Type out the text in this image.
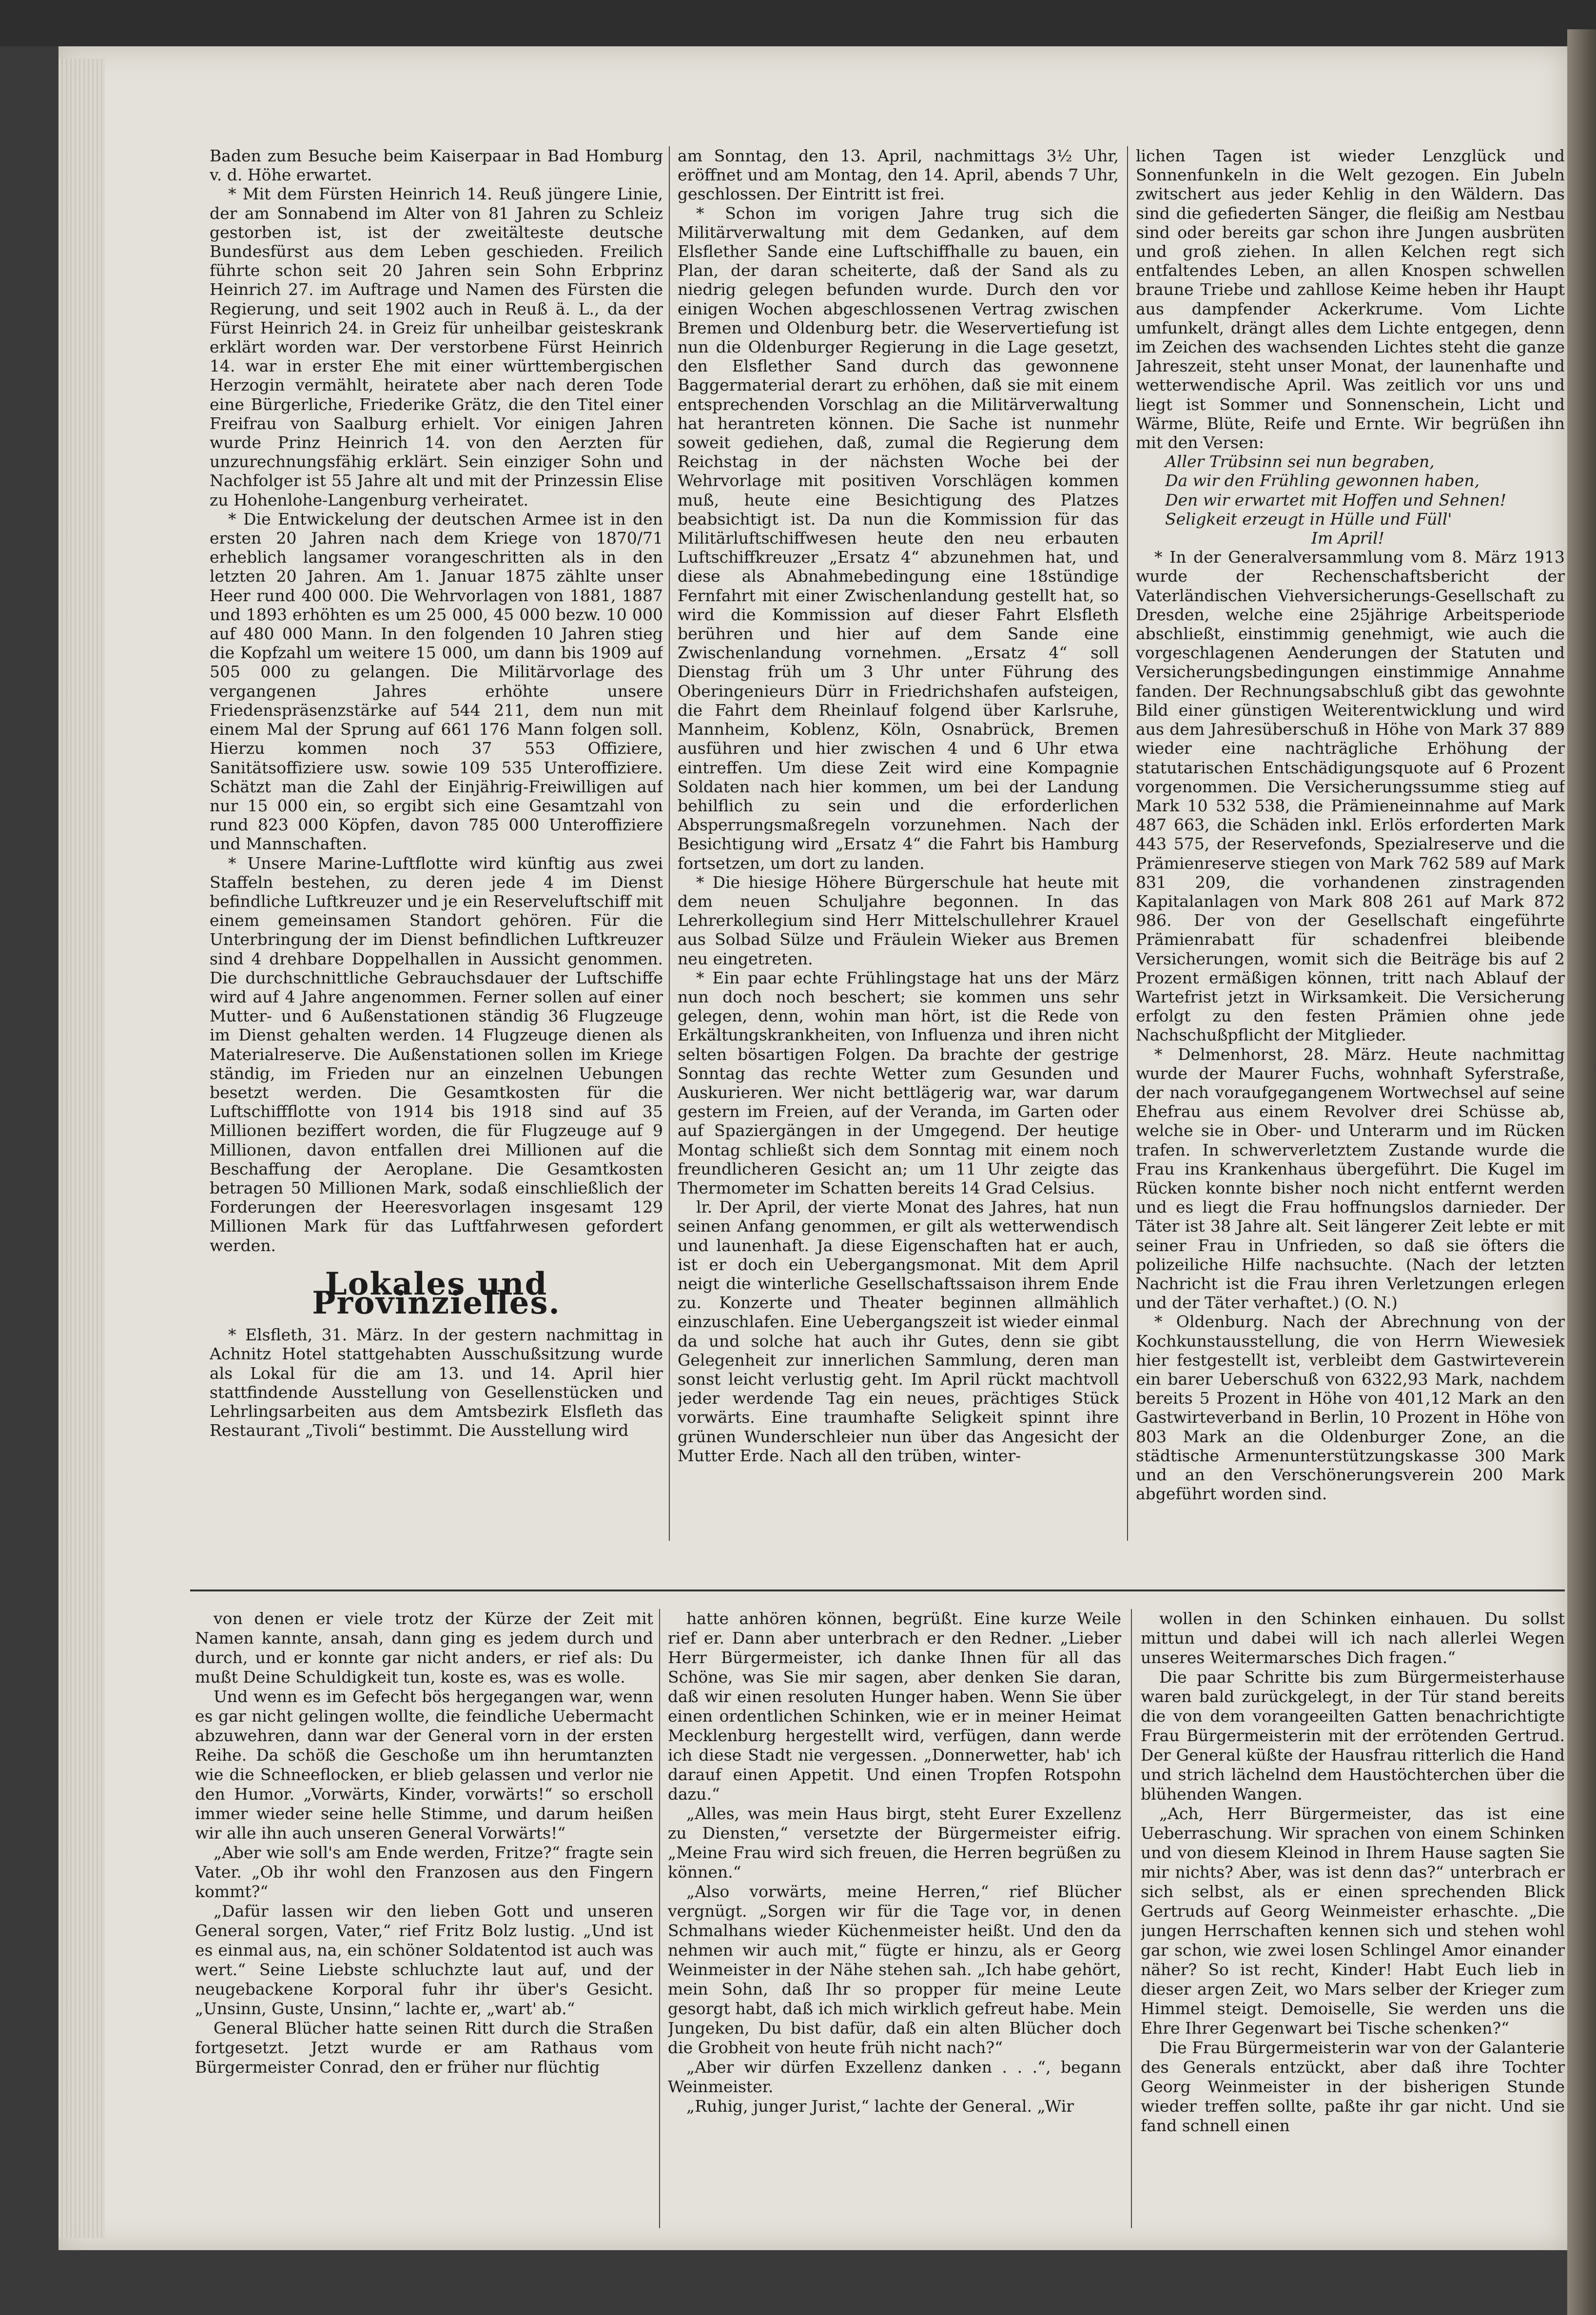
Baden zum Besuche beim Kaiserpaar in Bad Homburg v. d. Höhe erwartet.

* Mit dem Fürsten Heinrich 14. Reuß jüngere Linie, der am Sonnabend im Alter von 81 Jahren zu Schleiz gestorben ist, ist der zweitälteste deutsche Bundesfürst aus dem Leben geschieden. Freilich führte schon seit 20 Jahren sein Sohn Erbprinz Heinrich 27. im Auftrage und Namen des Fürsten die Regierung, und seit 1902 auch in Reuß ä. L., da der Fürst Heinrich 24. in Greiz für unheilbar geisteskrank erklärt worden war. Der verstorbene Fürst Heinrich 14. war in erster Ehe mit einer württembergischen Herzogin vermählt, heiratete aber nach deren Tode eine Bürgerliche, Friederike Grätz, die den Titel einer Freifrau von Saalburg erhielt. Vor einigen Jahren wurde Prinz Heinrich 14. von den Aerzten für unzurechnungsfähig erklärt. Sein einziger Sohn und Nachfolger ist 55 Jahre alt und mit der Prinzessin Elise zu Hohenlohe-Langenburg verheiratet.

* Die Entwickelung der deutschen Armee ist in den ersten 20 Jahren nach dem Kriege von 1870/71 erheblich langsamer vorangeschritten als in den letzten 20 Jahren. Am 1. Januar 1875 zählte unser Heer rund 400 000. Die Wehrvorlagen von 1881, 1887 und 1893 erhöhten es um 25 000, 45 000 bezw. 10 000 auf 480 000 Mann. In den folgenden 10 Jahren stieg die Kopfzahl um weitere 15 000, um dann bis 1909 auf 505 000 zu gelangen. Die Militärvorlage des vergangenen Jahres erhöhte unsere Friedenspräsenzstärke auf 544 211, dem nun mit einem Mal der Sprung auf 661 176 Mann folgen soll. Hierzu kommen noch 37 553 Offiziere, Sanitätsoffiziere usw. sowie 109 535 Unteroffiziere. Schätzt man die Zahl der Einjährig-Freiwilligen auf nur 15 000 ein, so ergibt sich eine Gesamtzahl von rund 823 000 Köpfen, davon 785 000 Unteroffiziere und Mannschaften.

* Unsere Marine-Luftflotte wird künftig aus zwei Staffeln bestehen, zu deren jede 4 im Dienst befindliche Luftkreuzer und je ein Reserveluftschiff mit einem gemeinsamen Standort gehören. Für die Unterbringung der im Dienst befindlichen Luftkreuzer sind 4 drehbare Doppelhallen in Aussicht genommen. Die durchschnittliche Gebrauchsdauer der Luftschiffe wird auf 4 Jahre angenommen. Ferner sollen auf einer Mutter- und 6 Außenstationen ständig 36 Flugzeuge im Dienst gehalten werden. 14 Flugzeuge dienen als Materialreserve. Die Außenstationen sollen im Kriege ständig, im Frieden nur an einzelnen Uebungen besetzt werden. Die Gesamtkosten für die Luftschiffflotte von 1914 bis 1918 sind auf 35 Millionen beziffert worden, die für Flugzeuge auf 9 Millionen, davon entfallen drei Millionen auf die Beschaffung der Aeroplane. Die Gesamtkosten betragen 50 Millionen Mark, sodaß einschließlich der Forderungen der Heeresvorlagen insgesamt 129 Millionen Mark für das Luftfahrwesen gefordert werden.

Lokales und Provinzielles.

* Elsfleth, 31. März. In der gestern nachmittag in Achnitz Hotel stattgehabten Ausschußsitzung wurde als Lokal für die am 13. und 14. April hier stattfindende Ausstellung von Gesellenstücken und Lehrlingsarbeiten aus dem Amtsbezirk Elsfleth das Restaurant „Tivoli“ bestimmt. Die Ausstellung wird

am Sonntag, den 13. April, nachmittags 3½ Uhr, eröffnet und am Montag, den 14. April, abends 7 Uhr, geschlossen. Der Eintritt ist frei.

* Schon im vorigen Jahre trug sich die Militärverwaltung mit dem Gedanken, auf dem Elsflether Sande eine Luftschiffhalle zu bauen, ein Plan, der daran scheiterte, daß der Sand als zu niedrig gelegen befunden wurde. Durch den vor einigen Wochen abgeschlossenen Vertrag zwischen Bremen und Oldenburg betr. die Weservertiefung ist nun die Oldenburger Regierung in die Lage gesetzt, den Elsflether Sand durch das gewonnene Baggermaterial derart zu erhöhen, daß sie mit einem entsprechenden Vorschlag an die Militärverwaltung hat herantreten können. Die Sache ist nunmehr soweit gediehen, daß, zumal die Regierung dem Reichstag in der nächsten Woche bei der Wehrvorlage mit positiven Vorschlägen kommen muß, heute eine Besichtigung des Platzes beabsichtigt ist. Da nun die Kommission für das Militärluftschiffwesen heute den neu erbauten Luftschiffkreuzer „Ersatz 4“ abzunehmen hat, und diese als Abnahmebedingung eine 18stündige Fernfahrt mit einer Zwischenlandung gestellt hat, so wird die Kommission auf dieser Fahrt Elsfleth berühren und hier auf dem Sande eine Zwischenlandung vornehmen. „Ersatz 4“ soll Dienstag früh um 3 Uhr unter Führung des Oberingenieurs Dürr in Friedrichshafen aufsteigen, die Fahrt dem Rheinlauf folgend über Karlsruhe, Mannheim, Koblenz, Köln, Osnabrück, Bremen ausführen und hier zwischen 4 und 6 Uhr etwa eintreffen. Um diese Zeit wird eine Kompagnie Soldaten nach hier kommen, um bei der Landung behilflich zu sein und die erforderlichen Absperrungsmaßregeln vorzunehmen. Nach der Besichtigung wird „Ersatz 4“ die Fahrt bis Hamburg fortsetzen, um dort zu landen.

* Die hiesige Höhere Bürgerschule hat heute mit dem neuen Schuljahre begonnen. In das Lehrerkollegium sind Herr Mittelschullehrer Krauel aus Solbad Sülze und Fräulein Wieker aus Bremen neu eingetreten.

* Ein paar echte Frühlingstage hat uns der März nun doch noch beschert; sie kommen uns sehr gelegen, denn, wohin man hört, ist die Rede von Erkältungskrankheiten, von Influenza und ihren nicht selten bösartigen Folgen. Da brachte der gestrige Sonntag das rechte Wetter zum Gesunden und Auskurieren. Wer nicht bettlägerig war, war darum gestern im Freien, auf der Veranda, im Garten oder auf Spaziergängen in der Umgegend. Der heutige Montag schließt sich dem Sonntag mit einem noch freundlicheren Gesicht an; um 11 Uhr zeigte das Thermometer im Schatten bereits 14 Grad Celsius.

lr. Der April, der vierte Monat des Jahres, hat nun seinen Anfang genommen, er gilt als wetterwendisch und launenhaft. Ja diese Eigenschaften hat er auch, ist er doch ein Uebergangsmonat. Mit dem April neigt die winterliche Gesellschaftssaison ihrem Ende zu. Konzerte und Theater beginnen allmählich einzuschlafen. Eine Uebergangszeit ist wieder einmal da und solche hat auch ihr Gutes, denn sie gibt Gelegenheit zur innerlichen Sammlung, deren man sonst leicht verlustig geht. Im April rückt machtvoll jeder werdende Tag ein neues, prächtiges Stück vorwärts. Eine traumhafte Seligkeit spinnt ihre grünen Wunderschleier nun über das Angesicht der Mutter Erde. Nach all den trüben, winter-

lichen Tagen ist wieder Lenzglück und Sonnenfunkeln in die Welt gezogen. Ein Jubeln zwitschert aus jeder Kehlig in den Wäldern. Das sind die gefiederten Sänger, die fleißig am Nestbau sind oder bereits gar schon ihre Jungen ausbrüten und groß ziehen. In allen Kelchen regt sich entfaltendes Leben, an allen Knospen schwellen braune Triebe und zahllose Keime heben ihr Haupt aus dampfender Ackerkrume. Vom Lichte umfunkelt, drängt alles dem Lichte entgegen, denn im Zeichen des wachsenden Lichtes steht die ganze Jahreszeit, steht unser Monat, der launenhafte und wetterwendische April. Was zeitlich vor uns und liegt ist Sommer und Sonnenschein, Licht und Wärme, Blüte, Reife und Ernte. Wir begrüßen ihn mit den Versen:

Aller Trübsinn sei nun begraben,

Da wir den Frühling gewonnen haben,

Den wir erwartet mit Hoffen und Sehnen!

Seligkeit erzeugt in Hülle und Füll'

Im April!

* In der Generalversammlung vom 8. März 1913 wurde der Rechenschaftsbericht der Vaterländischen Viehversicherungs-Gesellschaft zu Dresden, welche eine 25jährige Arbeitsperiode abschließt, einstimmig genehmigt, wie auch die vorgeschlagenen Aenderungen der Statuten und Versicherungsbedingungen einstimmige Annahme fanden. Der Rechnungsabschluß gibt das gewohnte Bild einer günstigen Weiterentwicklung und wird aus dem Jahresüberschuß in Höhe von Mark 37 889 wieder eine nachträgliche Erhöhung der statutarischen Entschädigungsquote auf 6 Prozent vorgenommen. Die Versicherungssumme stieg auf Mark 10 532 538, die Prämieneinnahme auf Mark 487 663, die Schäden inkl. Erlös erforderten Mark 443 575, der Reservefonds, Spezialreserve und die Prämienreserve stiegen von Mark 762 589 auf Mark 831 209, die vorhandenen zinstragenden Kapitalanlagen von Mark 808 261 auf Mark 872 986. Der von der Gesellschaft eingeführte Prämienrabatt für schadenfrei bleibende Versicherungen, womit sich die Beiträge bis auf 2 Prozent ermäßigen können, tritt nach Ablauf der Wartefrist jetzt in Wirksamkeit. Die Versicherung erfolgt zu den festen Prämien ohne jede Nachschußpflicht der Mitglieder.

* Delmenhorst, 28. März. Heute nachmittag wurde der Maurer Fuchs, wohnhaft Syferstraße, der nach voraufgegangenem Wortwechsel auf seine Ehefrau aus einem Revolver drei Schüsse ab, welche sie in Ober- und Unterarm und im Rücken trafen. In schwerverletztem Zustande wurde die Frau ins Krankenhaus übergeführt. Die Kugel im Rücken konnte bisher noch nicht entfernt werden und es liegt die Frau hoffnungslos darnieder. Der Täter ist 38 Jahre alt. Seit längerer Zeit lebte er mit seiner Frau in Unfrieden, so daß sie öfters die polizeiliche Hilfe nachsuchte. (Nach der letzten Nachricht ist die Frau ihren Verletzungen erlegen und der Täter verhaftet.) (O. N.)

* Oldenburg. Nach der Abrechnung von der Kochkunstausstellung, die von Herrn Wiewesiek hier festgestellt ist, verbleibt dem Gastwirteverein ein barer Ueberschuß von 6322,93 Mark, nachdem bereits 5 Prozent in Höhe von 401,12 Mark an den Gastwirteverband in Berlin, 10 Prozent in Höhe von 803 Mark an die Oldenburger Zone, an die städtische Armenunterstützungskasse 300 Mark und an den Verschönerungsverein 200 Mark abgeführt worden sind.

von denen er viele trotz der Kürze der Zeit mit Namen kannte, ansah, dann ging es jedem durch und durch, und er konnte gar nicht anders, er rief als: Du mußt Deine Schuldigkeit tun, koste es, was es wolle.

Und wenn es im Gefecht bös hergegangen war, wenn es gar nicht gelingen wollte, die feindliche Uebermacht abzuwehren, dann war der General vorn in der ersten Reihe. Da schöß die Geschoße um ihn herumtanzten wie die Schneeflocken, er blieb gelassen und verlor nie den Humor. „Vorwärts, Kinder, vorwärts!“ so erscholl immer wieder seine helle Stimme, und darum heißen wir alle ihn auch unseren General Vorwärts!“

„Aber wie soll's am Ende werden, Fritze?“ fragte sein Vater. „Ob ihr wohl den Franzosen aus den Fingern kommt?“

„Dafür lassen wir den lieben Gott und unseren General sorgen, Vater,“ rief Fritz Bolz lustig. „Und ist es einmal aus, na, ein schöner Soldatentod ist auch was wert.“ Seine Liebste schluchzte laut auf, und der neugebackene Korporal fuhr ihr über's Gesicht. „Unsinn, Guste, Unsinn,“ lachte er, „wart' ab.“

General Blücher hatte seinen Ritt durch die Straßen fortgesetzt. Jetzt wurde er am Rathaus vom Bürgermeister Conrad, den er früher nur flüchtig

hatte anhören können, begrüßt. Eine kurze Weile rief er. Dann aber unterbrach er den Redner. „Lieber Herr Bürgermeister, ich danke Ihnen für all das Schöne, was Sie mir sagen, aber denken Sie daran, daß wir einen resoluten Hunger haben. Wenn Sie über einen ordentlichen Schinken, wie er in meiner Heimat Mecklenburg hergestellt wird, verfügen, dann werde ich diese Stadt nie vergessen. „Donnerwetter, hab' ich darauf einen Appetit. Und einen Tropfen Rotspohn dazu.“

„Alles, was mein Haus birgt, steht Eurer Exzellenz zu Diensten,“ versetzte der Bürgermeister eifrig. „Meine Frau wird sich freuen, die Herren begrüßen zu können.“

„Also vorwärts, meine Herren,“ rief Blücher vergnügt. „Sorgen wir für die Tage vor, in denen Schmalhans wieder Küchenmeister heißt. Und den da nehmen wir auch mit,“ fügte er hinzu, als er Georg Weinmeister in der Nähe stehen sah. „Ich habe gehört, mein Sohn, daß Ihr so propper für meine Leute gesorgt habt, daß ich mich wirklich gefreut habe. Mein Jungeken, Du bist dafür, daß ein alten Blücher doch die Grobheit von heute früh nicht nach?“

„Aber wir dürfen Exzellenz danken . . .“, begann Weinmeister.

„Ruhig, junger Jurist,“ lachte der General. „Wir

wollen in den Schinken einhauen. Du sollst mittun und dabei will ich nach allerlei Wegen unseres Weitermarsches Dich fragen.“

Die paar Schritte bis zum Bürgermeisterhause waren bald zurückgelegt, in der Tür stand bereits die von dem vorangeeilten Gatten benachrichtigte Frau Bürgermeisterin mit der errötenden Gertrud. Der General küßte der Hausfrau ritterlich die Hand und strich lächelnd dem Haustöchterchen über die blühenden Wangen.

„Ach, Herr Bürgermeister, das ist eine Ueberraschung. Wir sprachen von einem Schinken und von diesem Kleinod in Ihrem Hause sagten Sie mir nichts? Aber, was ist denn das?“ unterbrach er sich selbst, als er einen sprechenden Blick Gertruds auf Georg Weinmeister erhaschte. „Die jungen Herrschaften kennen sich und stehen wohl gar schon, wie zwei losen Schlingel Amor einander näher? So ist recht, Kinder! Habt Euch lieb in dieser argen Zeit, wo Mars selber der Krieger zum Himmel steigt. Demoiselle, Sie werden uns die Ehre Ihrer Gegenwart bei Tische schenken?“

Die Frau Bürgermeisterin war von der Galanterie des Generals entzückt, aber daß ihre Tochter Georg Weinmeister in der bisherigen Stunde wieder treffen sollte, paßte ihr gar nicht. Und sie fand schnell einen
